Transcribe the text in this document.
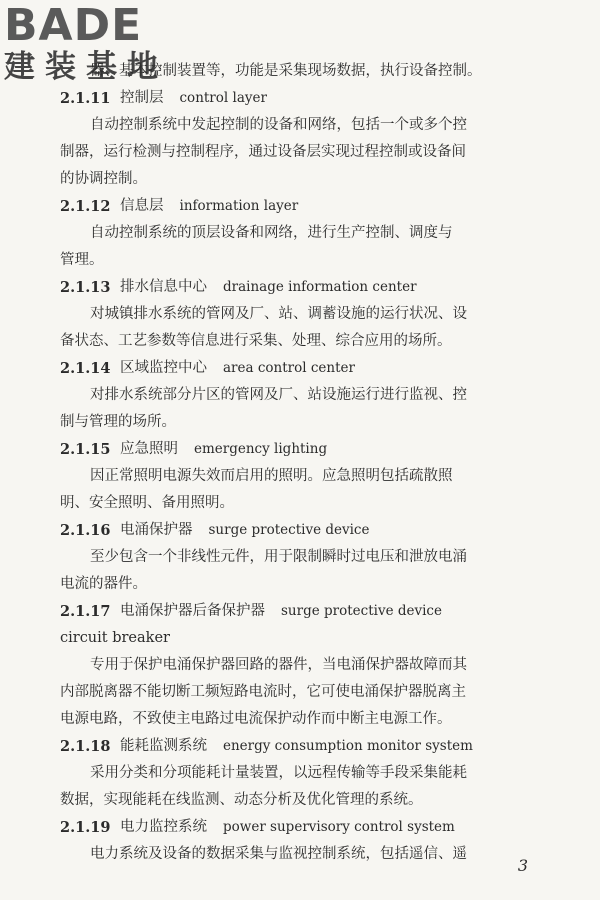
BADE
建装基地
器、基本控制装置等，功能是采集现场数据，执行设备控制。
2.1.11 控制层 control layer
自动控制系统中发起控制的设备和网络，包括一个或多个控
制器，运行检测与控制程序，通过设备层实现过程控制或设备间
的协调控制。
2.1.12 信息层 information layer
自动控制系统的顶层设备和网络，进行生产控制、调度与
管理。
2.1.13 排水信息中心 drainage information center
对城镇排水系统的管网及厂、站、调蓄设施的运行状况、设
备状态、工艺参数等信息进行采集、处理、综合应用的场所。
2.1.14 区域监控中心 area control center
对排水系统部分片区的管网及厂、站设施运行进行监视、控
制与管理的场所。
2.1.15 应急照明 emergency lighting
因正常照明电源失效而启用的照明。应急照明包括疏散照
明、安全照明、备用照明。
2.1.16 电涌保护器 surge protective device
至少包含一个非线性元件，用于限制瞬时过电压和泄放电涌
电流的器件。
2.1.17 电涌保护器后备保护器 surge protective device
circuit breaker
专用于保护电涌保护器回路的器件，当电涌保护器故障而其
内部脱离器不能切断工频短路电流时，它可使电涌保护器脱离主
电源电路，不致使主电路过电流保护动作而中断主电源工作。
2.1.18 能耗监测系统 energy consumption monitor system
采用分类和分项能耗计量装置，以远程传输等手段采集能耗
数据，实现能耗在线监测、动态分析及优化管理的系统。
2.1.19 电力监控系统 power supervisory control system
电力系统及设备的数据采集与监视控制系统，包括遥信、遥
3
